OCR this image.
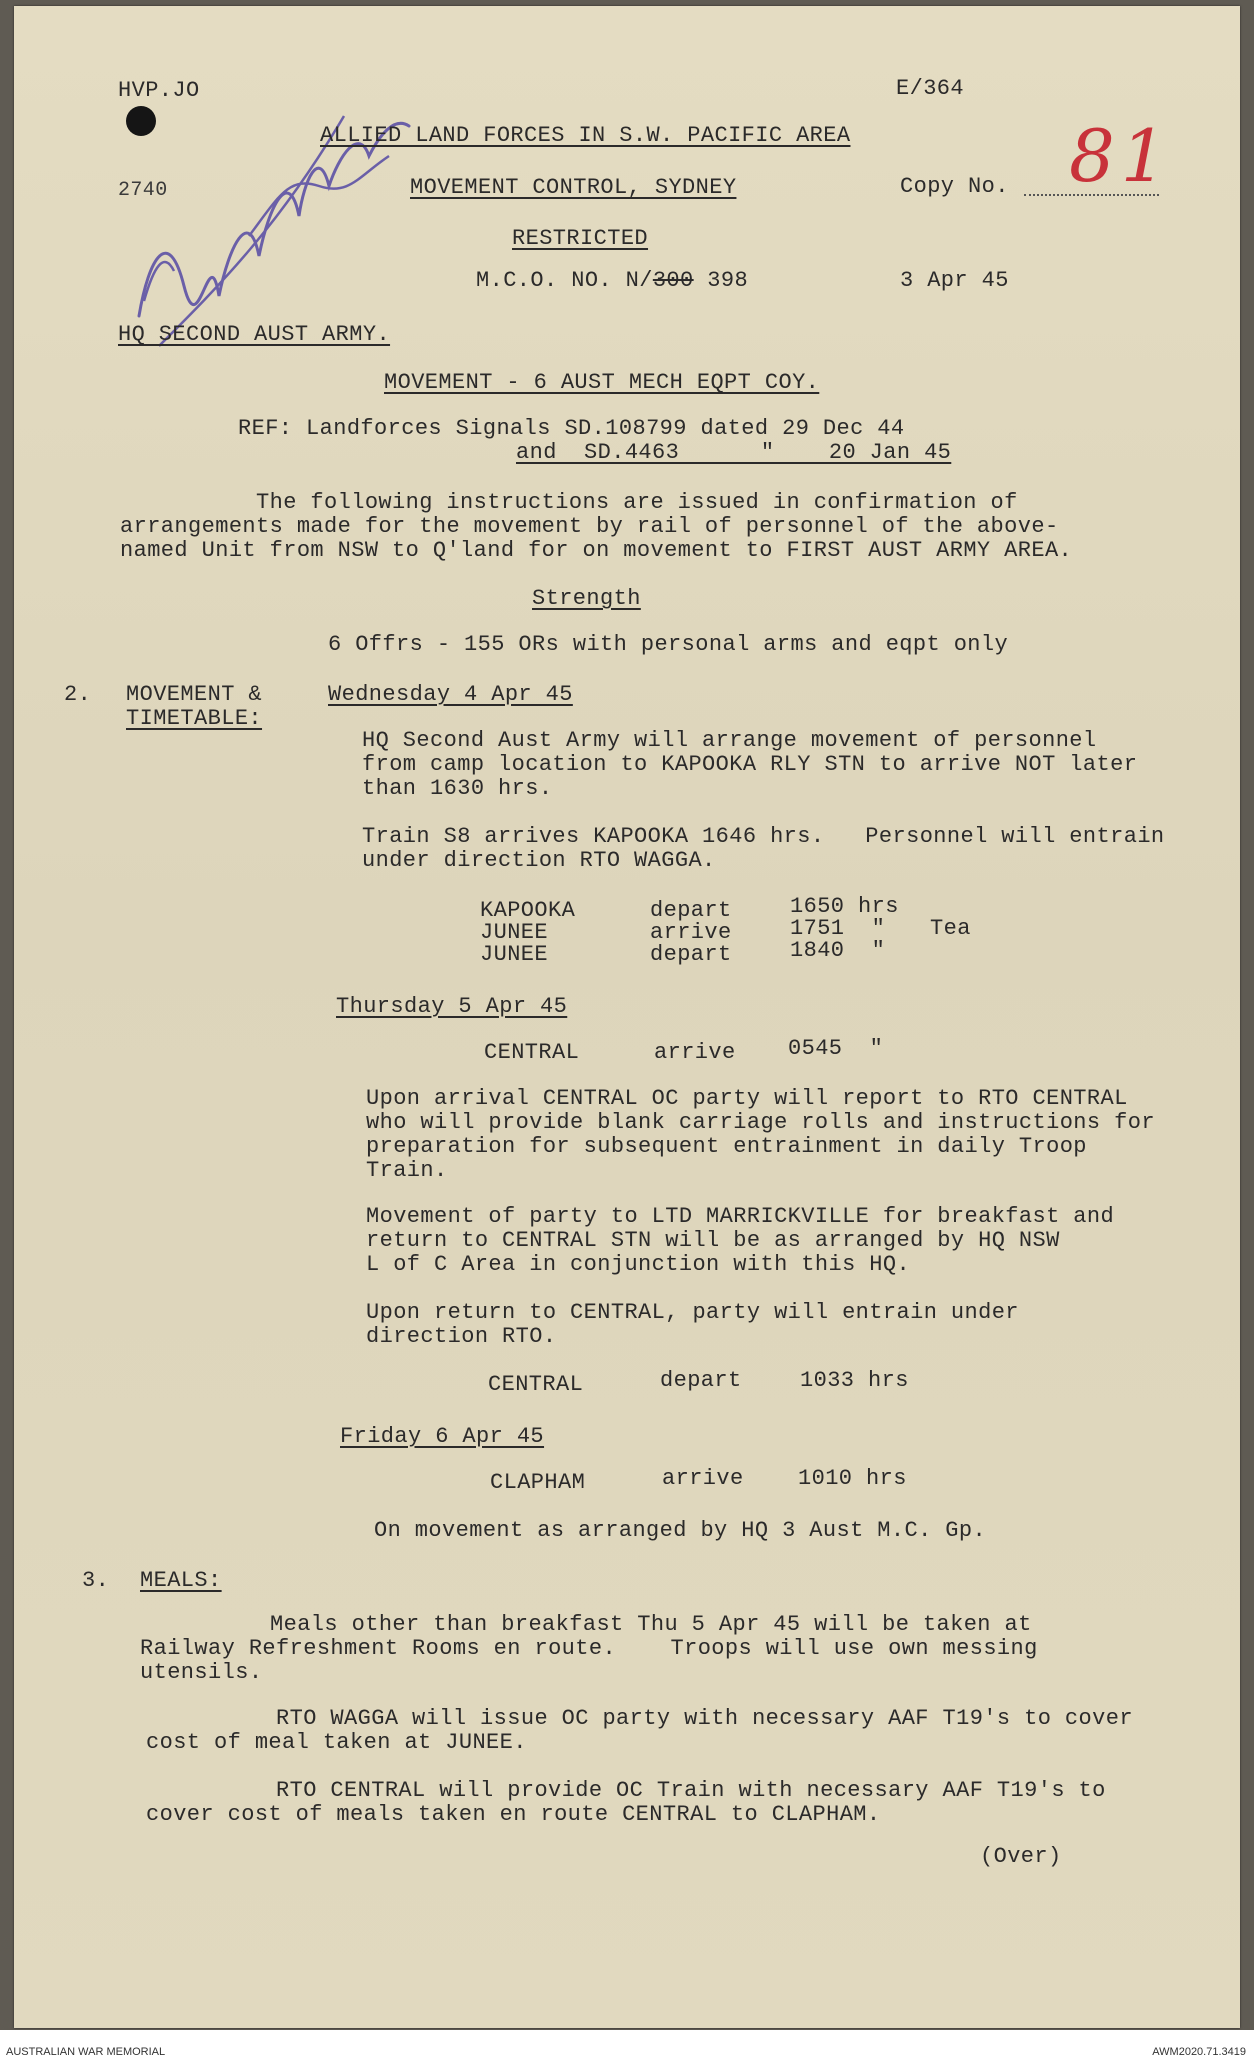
HVP.JO	E/364
2740
ALLIED LAND FORCES IN S.W. PACIFIC AREA
MOVEMENT CONTROL, SYDNEY	Copy No. 81
RESTRICTED
M.C.O. NO. N/300 398	3 Apr 45
HQ SECOND AUST ARMY.
MOVEMENT - 6 AUST MECH EQPT COY.
REF: Landforces Signals SD.108799 dated 29 Dec 44
and  SD.4463      "    20 Jan 45
The following instructions are issued in confirmation of
arrangements made for the movement by rail of personnel of the above-
named Unit from NSW to Q'land for on movement to FIRST AUST ARMY AREA.
Strength
6 Offrs - 155 ORs with personal arms and eqpt only
2. MOVEMENT &
TIMETABLE:
Wednesday 4 Apr 45
HQ Second Aust Army will arrange movement of personnel
from camp location to KAPOOKA RLY STN to arrive NOT later
than 1630 hrs.
Train S8 arrives KAPOOKA 1646 hrs.   Personnel will entrain
under direction RTO WAGGA.
KAPOOKA	depart	1650 hrs
JUNEE	arrive	1751  " Tea
JUNEE	depart	1840  "
Thursday 5 Apr 45
CENTRAL	arrive 0545  "
Upon arrival CENTRAL OC party will report to RTO CENTRAL
who will provide blank carriage rolls and instructions for
preparation for subsequent entrainment in daily Troop
Train.
Movement of party to LTD MARRICKVILLE for breakfast and
return to CENTRAL STN will be as arranged by HQ NSW
L of C Area in conjunction with this HQ.
Upon return to CENTRAL, party will entrain under
direction RTO.
CENTRAL	depart	1033 hrs
Friday 6 Apr 45
CLAPHAM	arrive 1010 hrs
On movement as arranged by HQ 3 Aust M.C. Gp.
3. MEALS:
Meals other than breakfast Thu 5 Apr 45 will be taken at
Railway Refreshment Rooms en route.    Troops will use own messing
utensils.
RTO WAGGA will issue OC party with necessary AAF T19's to cover
cost of meal taken at JUNEE.
RTO CENTRAL will provide OC Train with necessary AAF T19's to
cover cost of meals taken en route CENTRAL to CLAPHAM.
(Over)
AUSTRALIAN WAR MEMORIAL	AWM2020.71.3419
